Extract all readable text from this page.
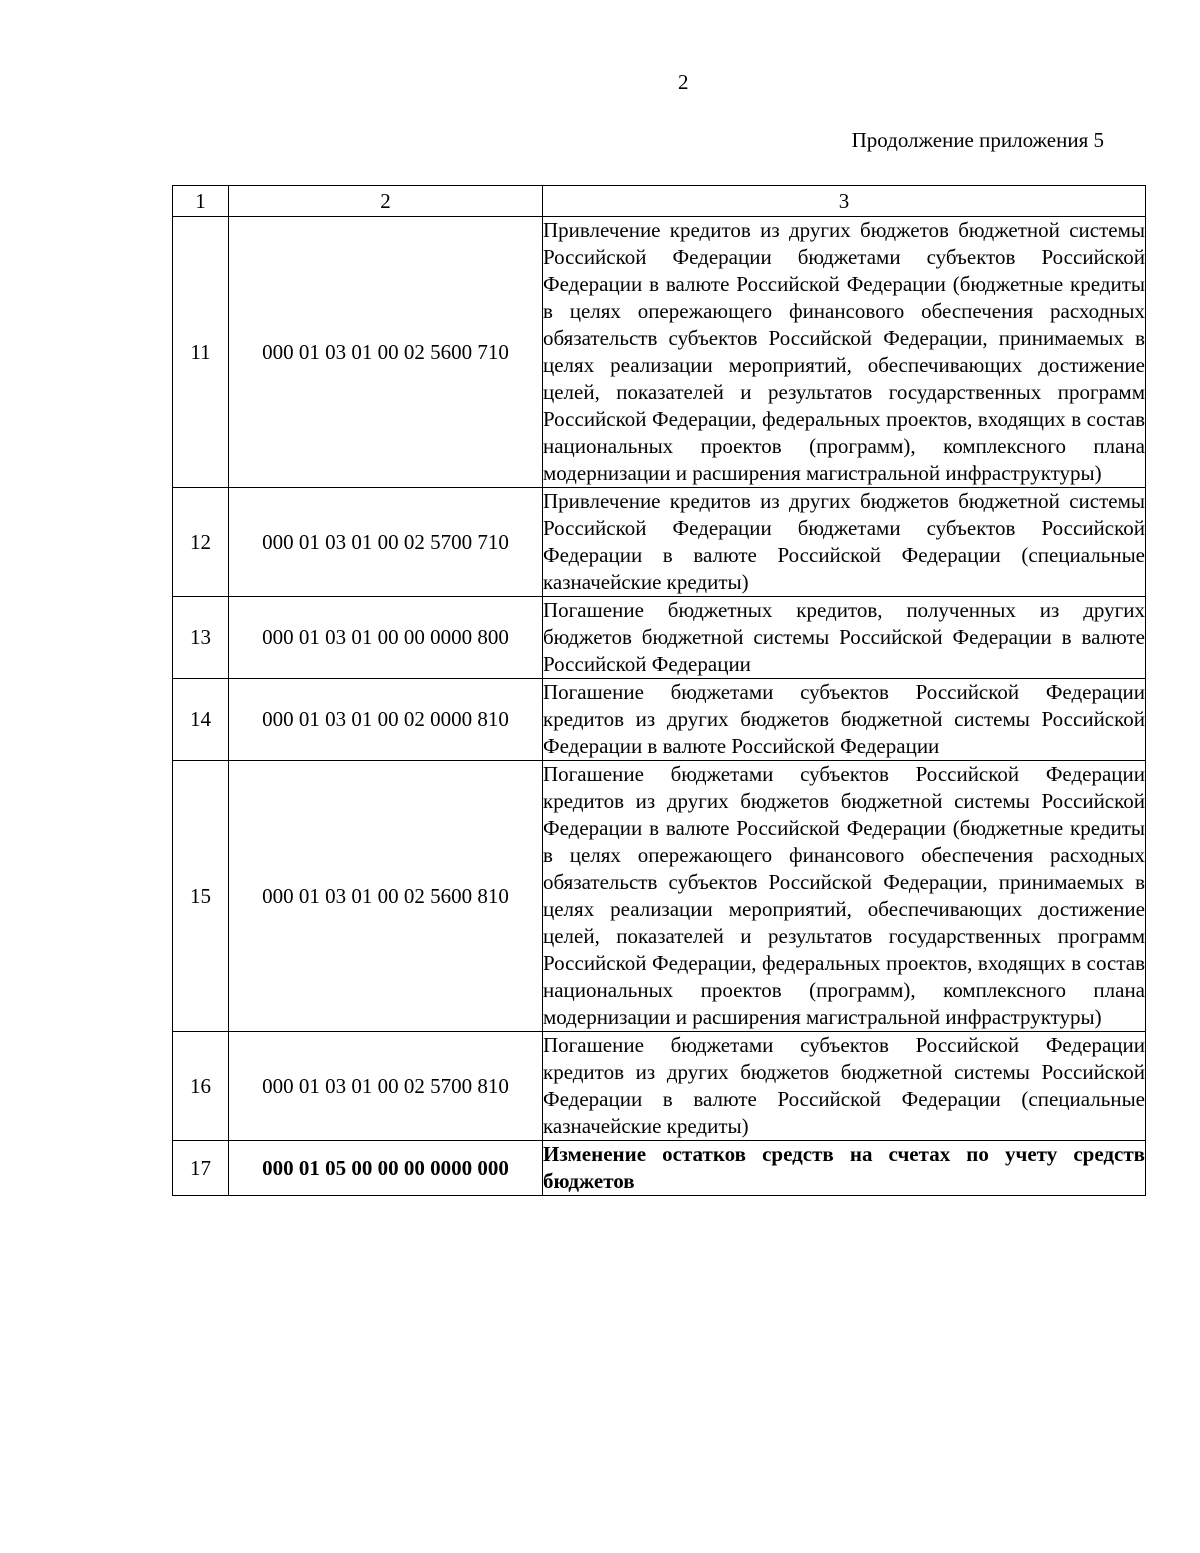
2
Продолжение приложения 5
1	2	3
11	000 01 03 01 00 02 5600 710	Привлечение кредитов из других бюджетов бюджетной системы Российской Федерации бюджетами субъектов Российской Федерации в валюте Российской Федерации (бюджетные кредиты в целях опережающего финансового обеспечения расходных обязательств субъектов Российской Федерации, принимаемых в целях реализации мероприятий, обеспечивающих достижение целей, показателей и результатов государственных программ Российской Федерации, федеральных проектов, входящих в состав национальных проектов (программ), комплексного плана модернизации и расширения магистральной инфраструктуры)
12	000 01 03 01 00 02 5700 710	Привлечение кредитов из других бюджетов бюджетной системы Российской Федерации бюджетами субъектов Российской Федерации в валюте Российской Федерации (специальные казначейские кредиты)
13	000 01 03 01 00 00 0000 800	Погашение бюджетных кредитов, полученных из других бюджетов бюджетной системы Российской Федерации в валюте Российской Федерации
14	000 01 03 01 00 02 0000 810	Погашение бюджетами субъектов Российской Федерации кредитов из других бюджетов бюджетной системы Российской Федерации в валюте Российской Федерации
15	000 01 03 01 00 02 5600 810	Погашение бюджетами субъектов Российской Федерации кредитов из других бюджетов бюджетной системы Российской Федерации в валюте Российской Федерации (бюджетные кредиты в целях опережающего финансового обеспечения расходных обязательств субъектов Российской Федерации, принимаемых в целях реализации мероприятий, обеспечивающих достижение целей, показателей и результатов государственных программ Российской Федерации, федеральных проектов, входящих в состав национальных проектов (программ), комплексного плана модернизации и расширения магистральной инфраструктуры)
16	000 01 03 01 00 02 5700 810	Погашение бюджетами субъектов Российской Федерации кредитов из других бюджетов бюджетной системы Российской Федерации в валюте Российской Федерации (специальные казначейские кредиты)
17	000 01 05 00 00 00 0000 000	Изменение остатков средств на счетах по учету средств бюджетов
